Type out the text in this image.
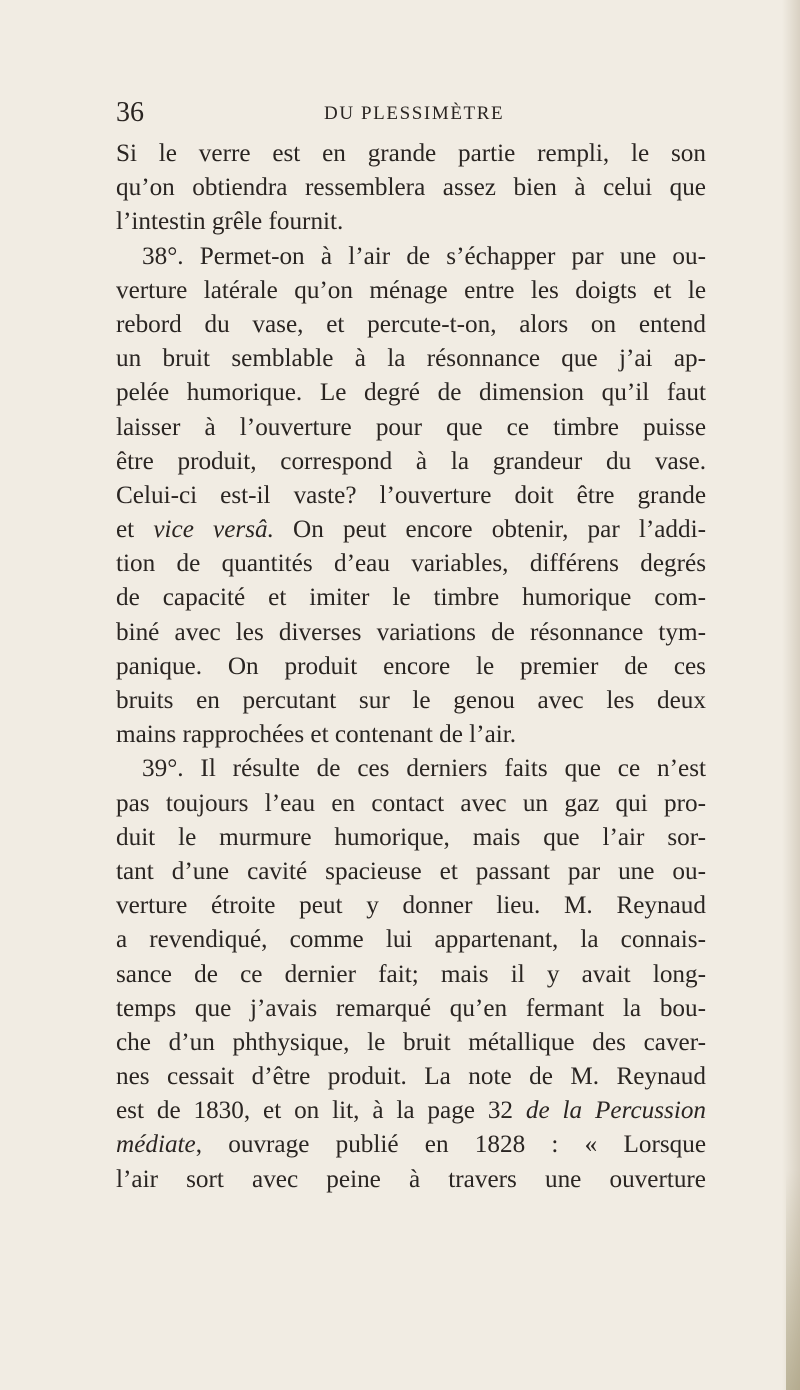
36	DU PLESSIMÈTRE
Si le verre est en grande partie rempli, le son
qu’on obtiendra ressemblera assez bien à celui que
l’intestin grêle fournit.
38°. Permet-on à l’air de s’échapper par une ou-
verture latérale qu’on ménage entre les doigts et le
rebord du vase, et percute-t-on, alors on entend
un bruit semblable à la résonnance que j’ai ap-
pelée humorique. Le degré de dimension qu’il faut
laisser à l’ouverture pour que ce timbre puisse
être produit, correspond à la grandeur du vase.
Celui-ci est-il vaste? l’ouverture doit être grande
et vice versâ. On peut encore obtenir, par l’addi-
tion de quantités d’eau variables, différens degrés
de capacité et imiter le timbre humorique com-
biné avec les diverses variations de résonnance tym-
panique. On produit encore le premier de ces
bruits en percutant sur le genou avec les deux
mains rapprochées et contenant de l’air.
39°. Il résulte de ces derniers faits que ce n’est
pas toujours l’eau en contact avec un gaz qui pro-
duit le murmure humorique, mais que l’air sor-
tant d’une cavité spacieuse et passant par une ou-
verture étroite peut y donner lieu. M. Reynaud
a revendiqué, comme lui appartenant, la connais-
sance de ce dernier fait; mais il y avait long-
temps que j’avais remarqué qu’en fermant la bou-
che d’un phthysique, le bruit métallique des caver-
nes cessait d’être produit. La note de M. Reynaud
est de 1830, et on lit, à la page 32 de la Percussion
médiate, ouvrage publié en 1828 : « Lorsque
l’air sort avec peine à travers une ouverture
